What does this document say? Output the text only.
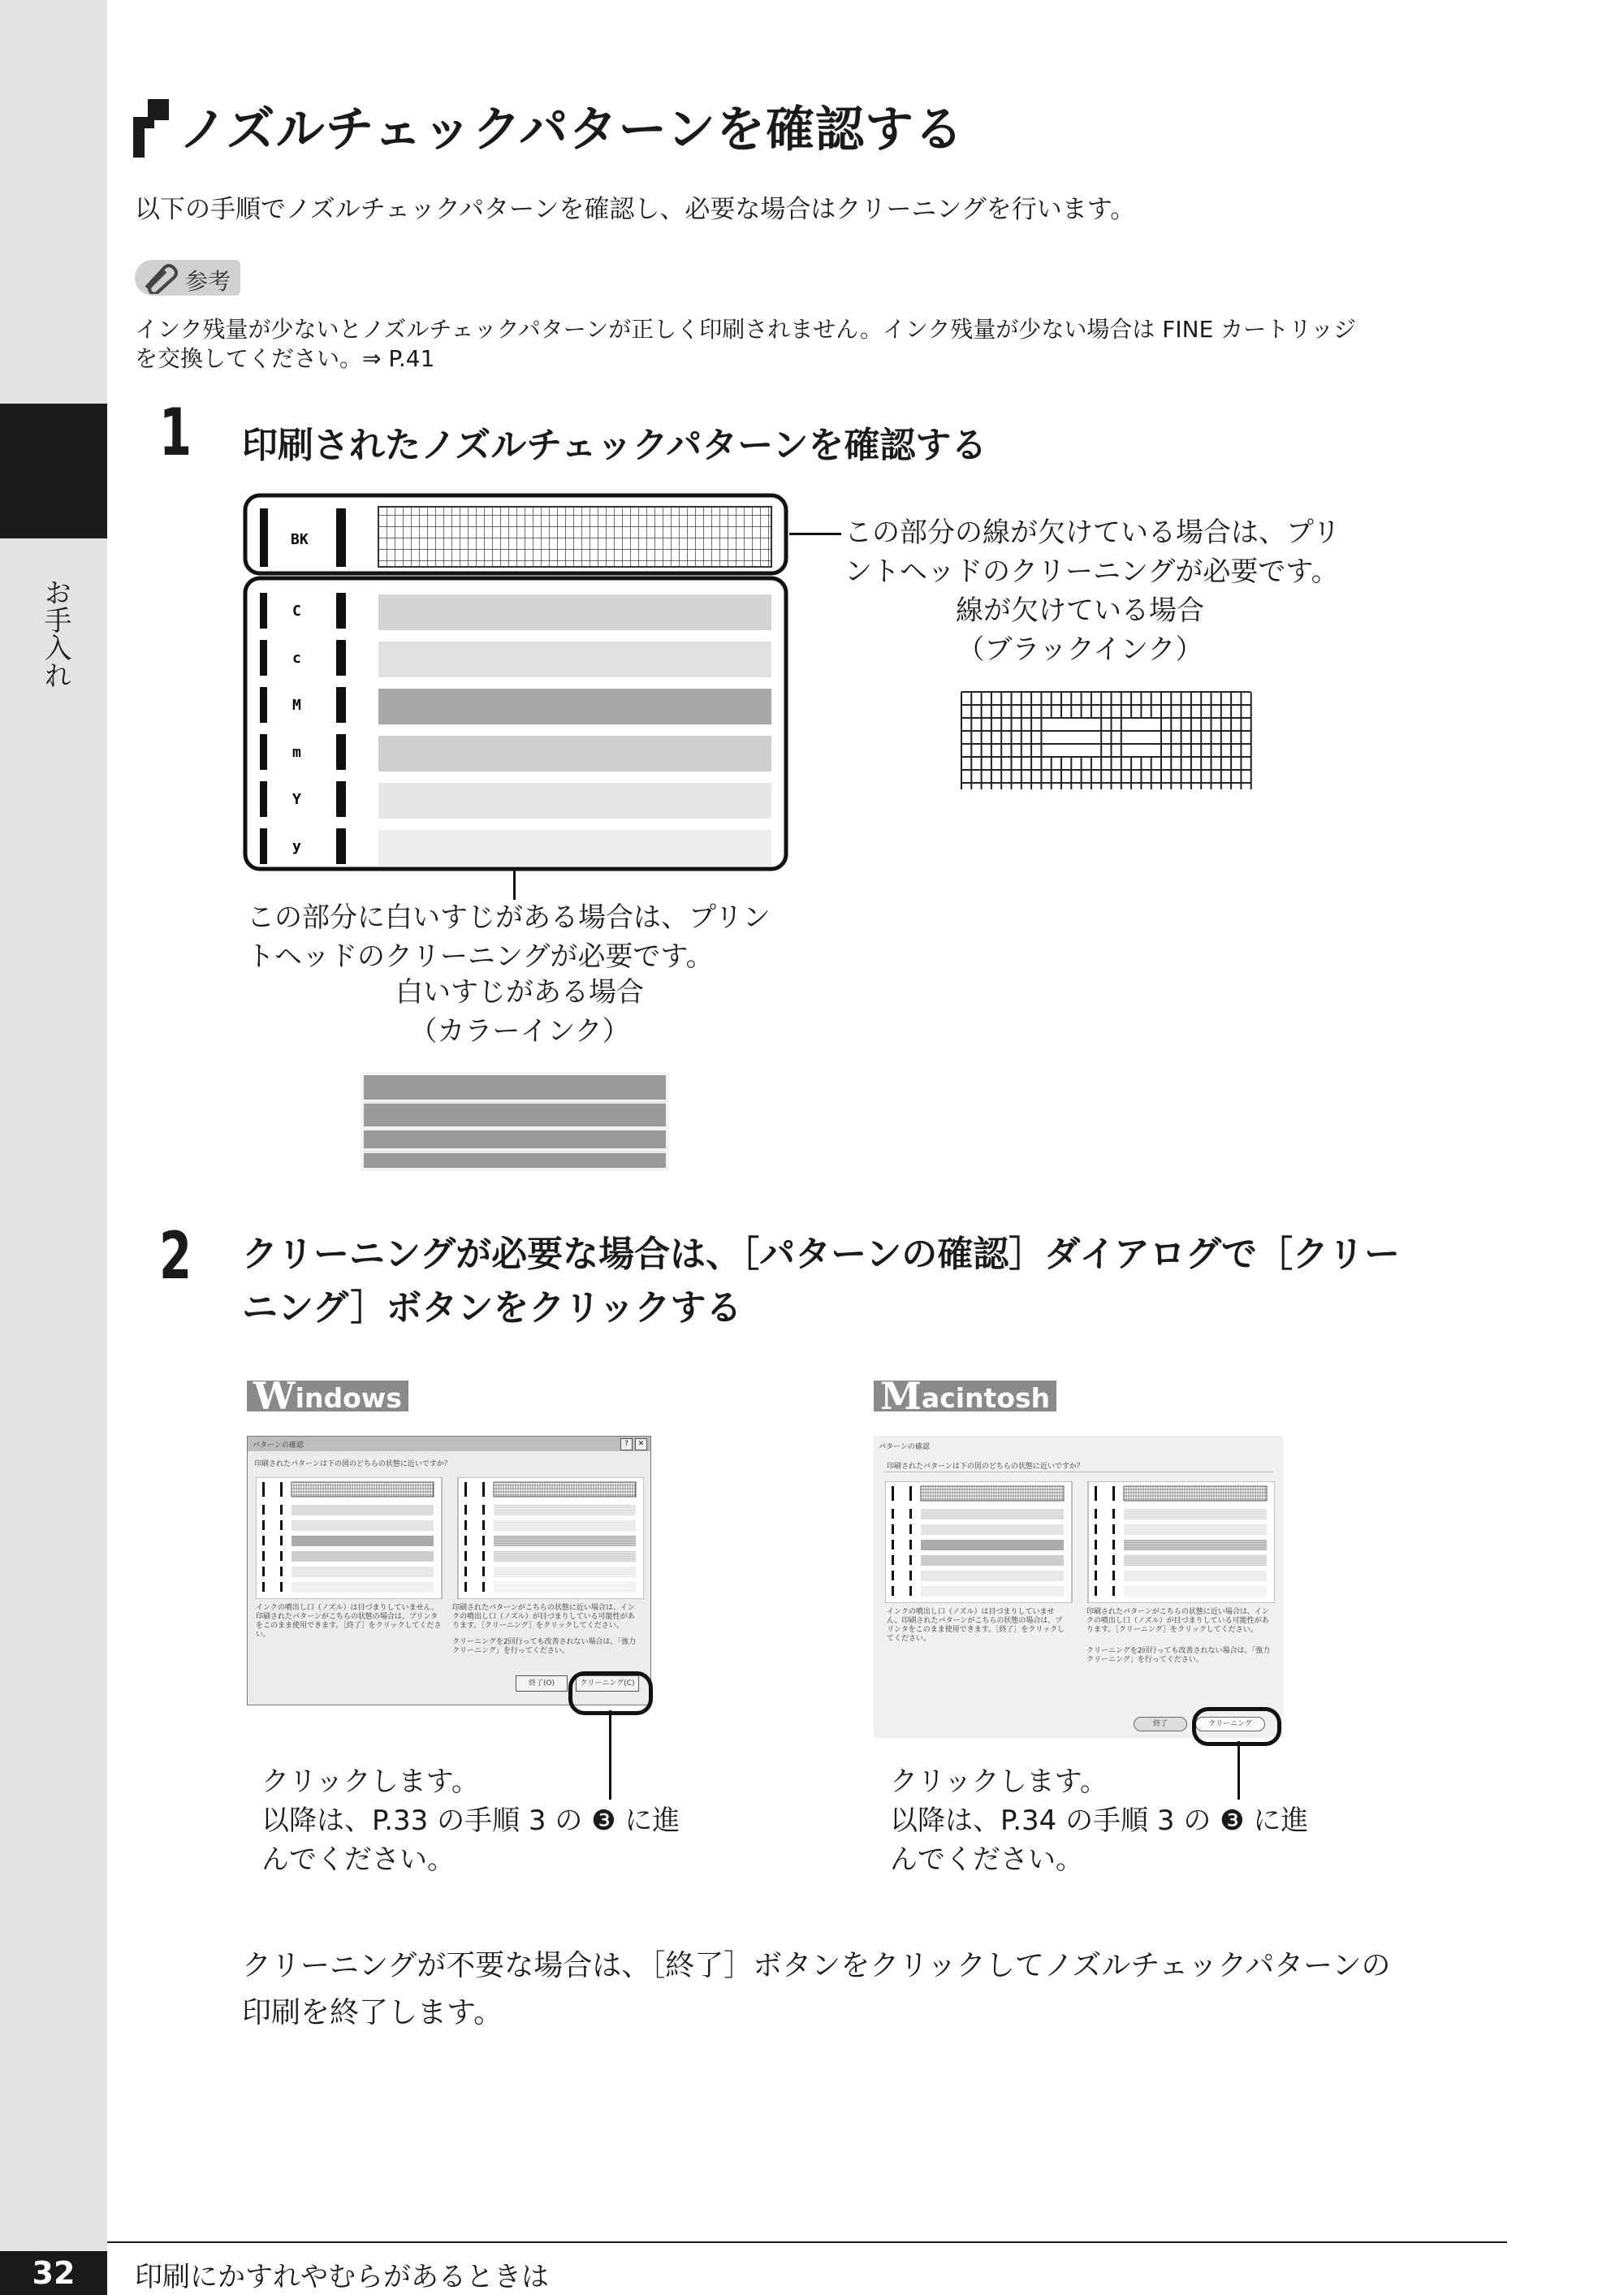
お手入れ
ノズルチェックパターンを確認する
以下の手順でノズルチェックパターンを確認し、必要な場合はクリーニングを行います。
参考
インク残量が少ないとノズルチェックパターンが正しく印刷されません。インク残量が少ない場合は FINE カートリッジ
を交換してください。⇒ P.41
1 印刷されたノズルチェックパターンを確認する
BK
C
c
M
m
Y
y
この部分の線が欠けている場合は、プリ
ントヘッドのクリーニングが必要です。
線が欠けている場合
（ブラックインク）
この部分に白いすじがある場合は、プリン
トヘッドのクリーニングが必要です。
白いすじがある場合
（カラーインク）
2 クリーニングが必要な場合は、［パターンの確認］ダイアログで［クリー
ニング］ボタンをクリックする
Windows	Macintosh
パターンの確認	?	✕
印刷されたパターンは下の図のどちらの状態に近いですか？
インクの噴出し口（ノズル）は目づまりしていません。印刷されたパターンがこちらの状態の場合は、プリンタをこのまま使用できます。［終了］をクリックしてください。
印刷されたパターンがこちらの状態に近い場合は、インクの噴出し口（ノズル）が目づまりしている可能性があります。［クリーニング］をクリックしてください。
クリーニングを2回行っても改善されない場合は、「強力クリーニング」を行ってください。
終了(O)	クリーニング(C)
パターンの確認
印刷されたパターンは下の図のどちらの状態に近いですか？
インクの噴出し口（ノズル）は目づまりしていません。印刷されたパターンがこちらの状態の場合は、プリンタをこのまま使用できます。［終了］をクリックしてください。
印刷されたパターンがこちらの状態に近い場合は、インクの噴出し口（ノズル）が目づまりしている可能性があります。［クリーニング］をクリックしてください。
クリーニングを2回行っても改善されない場合は、「強力クリーニング」を行ってください。
終了	クリーニング
クリックします。
以降は、P.33 の手順 3 の ❸ に進
んでください。
クリックします。
以降は、P.34 の手順 3 の ❸ に進
んでください。
クリーニングが不要な場合は、［終了］ボタンをクリックしてノズルチェックパターンの
印刷を終了します。
32	印刷にかすれやむらがあるときは
